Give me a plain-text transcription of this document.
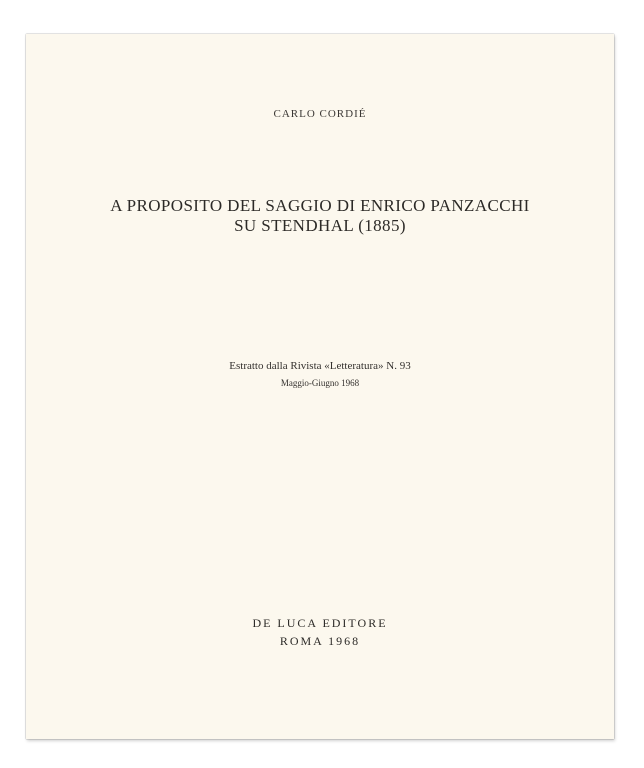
CARLO CORDIÉ
A PROPOSITO DEL SAGGIO DI ENRICO PANZACCHI
SU STENDHAL (1885)
Estratto dalla Rivista «Letteratura» N. 93
Maggio-Giugno 1968
DE LUCA EDITORE
ROMA 1968
